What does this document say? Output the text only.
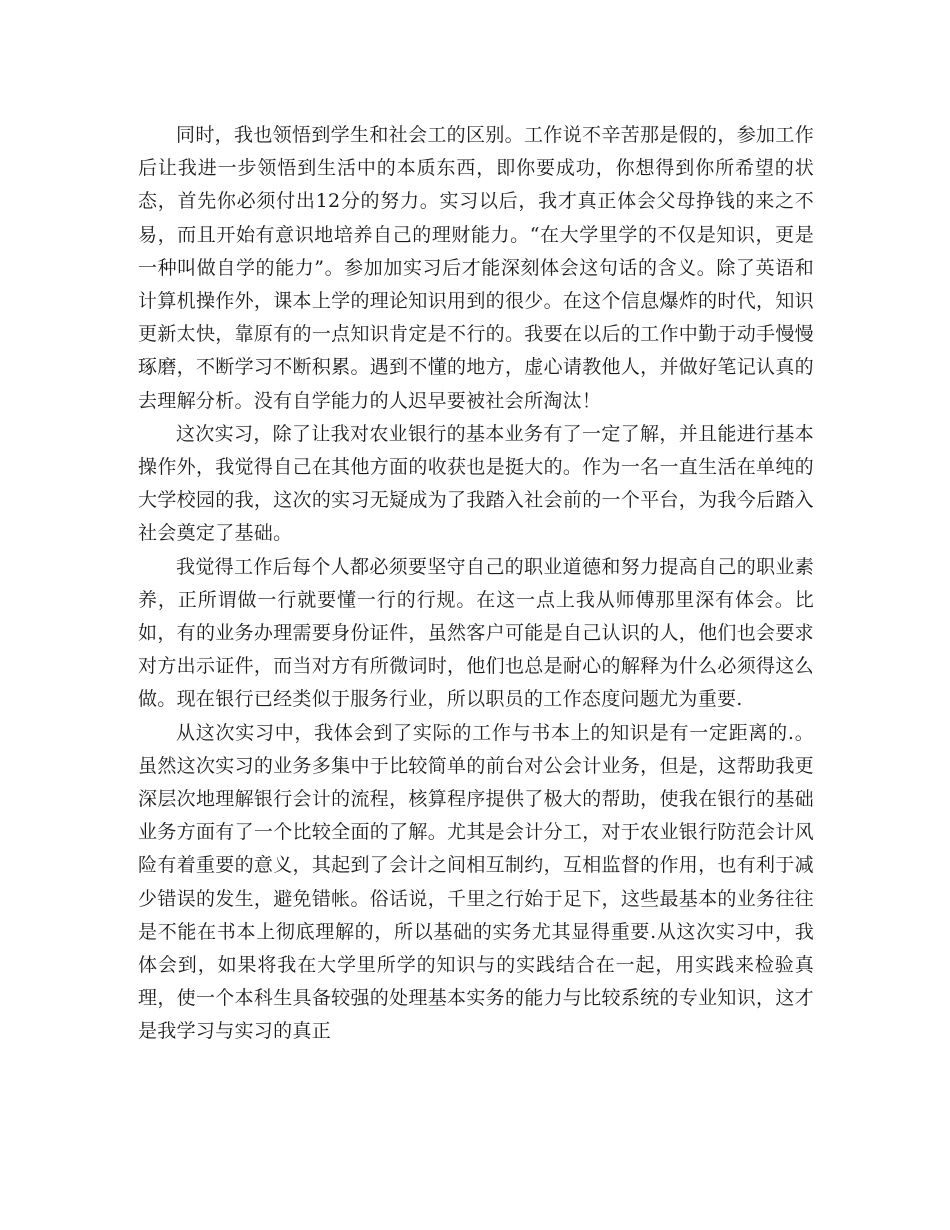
同时，我也领悟到学生和社会工的区别。工作说不辛苦那是假的，参加工作后让我进一步领悟到生活中的本质东西，即你要成功，你想得到你所希望的状态，首先你必须付出12分的努力。实习以后，我才真正体会父母挣钱的来之不易，而且开始有意识地培养自己的理财能力。“在大学里学的不仅是知识，更是一种叫做自学的能力”。参加加实习后才能深刻体会这句话的含义。除了英语和计算机操作外，课本上学的理论知识用到的很少。在这个信息爆炸的时代，知识更新太快，靠原有的一点知识肯定是不行的。我要在以后的工作中勤于动手慢慢琢磨，不断学习不断积累。遇到不懂的地方，虚心请教他人，并做好笔记认真的去理解分析。没有自学能力的人迟早要被社会所淘汰！

这次实习，除了让我对农业银行的基本业务有了一定了解，并且能进行基本操作外，我觉得自己在其他方面的收获也是挺大的。作为一名一直生活在单纯的大学校园的我，这次的实习无疑成为了我踏入社会前的一个平台，为我今后踏入社会奠定了基础。

我觉得工作后每个人都必须要坚守自己的职业道德和努力提高自己的职业素养，正所谓做一行就要懂一行的行规。在这一点上我从师傅那里深有体会。比如，有的业务办理需要身份证件，虽然客户可能是自己认识的人，他们也会要求对方出示证件，而当对方有所微词时，他们也总是耐心的解释为什么必须得这么做。现在银行已经类似于服务行业，所以职员的工作态度问题尤为重要.

从这次实习中，我体会到了实际的工作与书本上的知识是有一定距离的.。虽然这次实习的业务多集中于比较简单的前台对公会计业务，但是，这帮助我更深层次地理解银行会计的流程，核算程序提供了极大的帮助，使我在银行的基础业务方面有了一个比较全面的了解。尤其是会计分工，对于农业银行防范会计风险有着重要的意义，其起到了会计之间相互制约，互相监督的作用，也有利于减少错误的发生，避免错帐。俗话说，千里之行始于足下，这些最基本的业务往往是不能在书本上彻底理解的，所以基础的实务尤其显得重要.从这次实习中，我体会到，如果将我在大学里所学的知识与的实践结合在一起，用实践来检验真理，使一个本科生具备较强的处理基本实务的能力与比较系统的专业知识，这才是我学习与实习的真正
